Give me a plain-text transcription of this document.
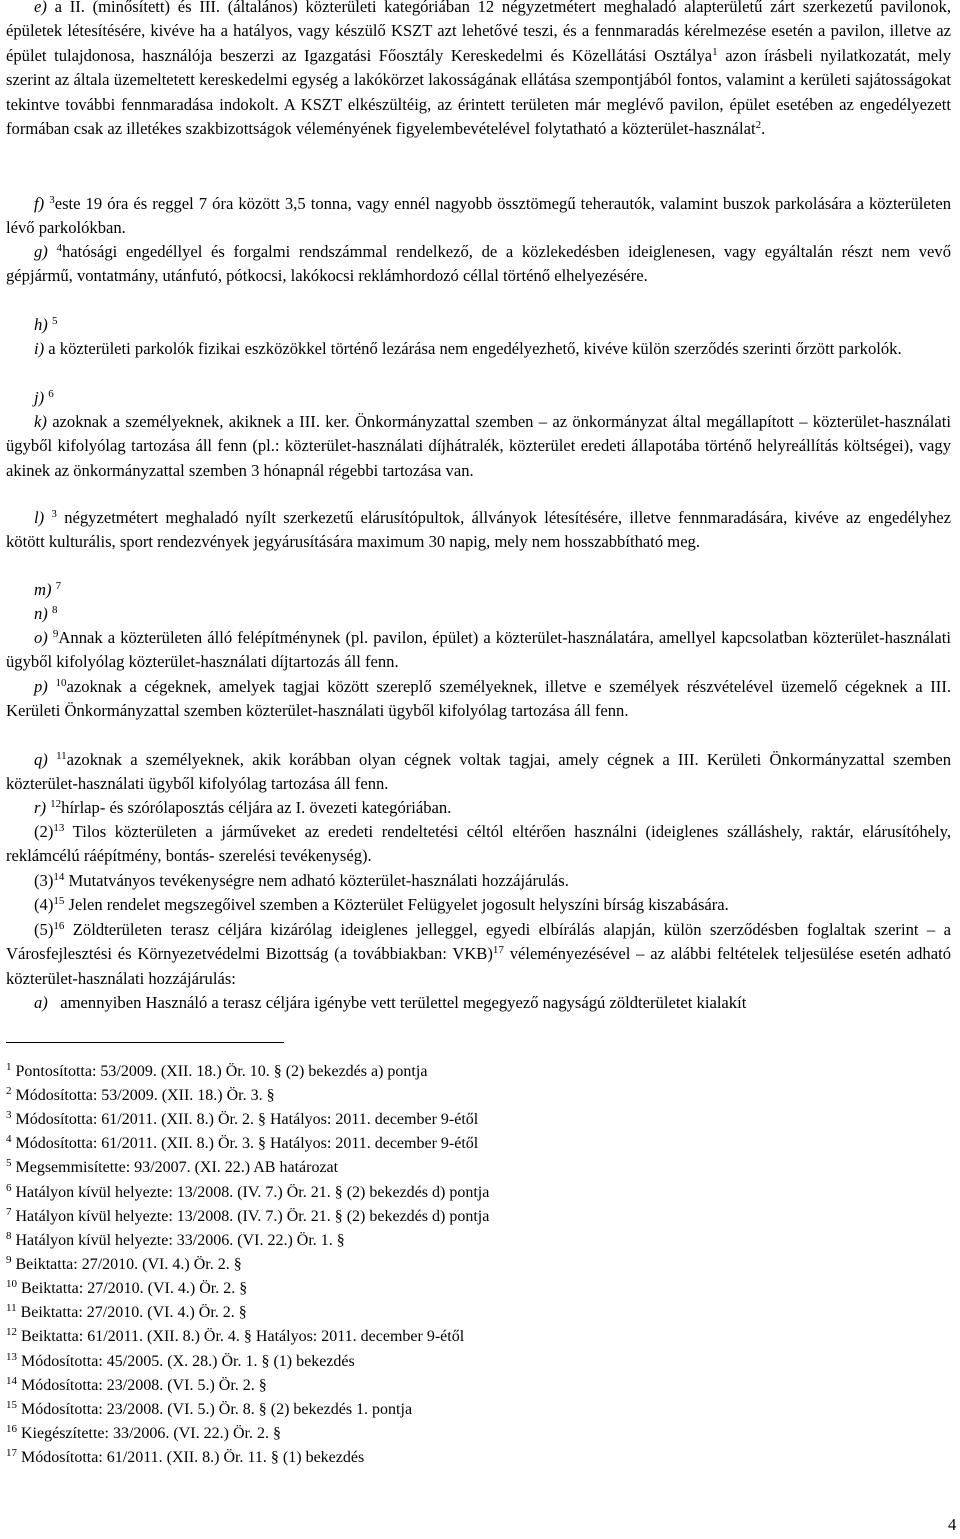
e) a II. (minősített) és III. (általános) közterületi kategóriában 12 négyzetmétert meghaladó alapterületű zárt szerkezetű pavilonok, épületek létesítésére, kivéve ha a hatályos, vagy készülő KSZT azt lehetővé teszi, és a fennmaradás kérelmezése esetén a pavilon, illetve az épület tulajdonosa, használója beszerzi az Igazgatási Főosztály Kereskedelmi és Közellátási Osztálya$^1$ azon írásbeli nyilatkozatát, mely szerint az általa üzemeltetett kereskedelmi egység a lakókörzet lakosságának ellátása szempontjából fontos, valamint a kerületi sajátosságokat tekintve további fennmaradása indokolt. A KSZT elkészültéig, az érintett területen már meglévő pavilon, épület esetében az engedélyezett formában csak az illetékes szakbizottságok véleményének figyelembevételével folytatható a közterület-használat$^2$.

f) $^3$este 19 óra és reggel 7 óra között 3,5 tonna, vagy ennél nagyobb össztömegű teherautók, valamint buszok parkolására a közterületen lévő parkolókban.

g) $^4$hatósági engedéllyel és forgalmi rendszámmal rendelkező, de a közlekedésben ideiglenesen, vagy egyáltalán részt nem vevő gépjármű, vontatmány, utánfutó, pótkocsi, lakókocsi reklámhordozó céllal történő elhelyezésére.

h) $^5$

i) a közterületi parkolók fizikai eszközökkel történő lezárása nem engedélyezhető, kivéve külön szerződés szerinti őrzött parkolók.

j) $^6$

k) azoknak a személyeknek, akiknek a III. ker. Önkormányzattal szemben – az önkormányzat által megállapított – közterület-használati ügyből kifolyólag tartozása áll fenn (pl.: közterület-használati díjhátralék, közterület eredeti állapotába történő helyreállítás költségei), vagy akinek az önkormányzattal szemben 3 hónapnál régebbi tartozása van.

l) $^3$ négyzetmétert meghaladó nyílt szerkezetű elárusítópultok, állványok létesítésére, illetve fennmaradására, kivéve az engedélyhez kötött kulturális, sport rendezvények jegyárusítására maximum 30 napig, mely nem hosszabbítható meg.

m) $^7$

n) $^8$

o) $^9$Annak a közterületen álló felépítménynek (pl. pavilon, épület) a közterület-használatára, amellyel kapcsolatban közterület-használati ügyből kifolyólag közterület-használati díjtartozás áll fenn.

p) $^{10}$azoknak a cégeknek, amelyek tagjai között szereplő személyeknek, illetve e személyek részvételével üzemelő cégeknek a III. Kerületi Önkormányzattal szemben közterület-használati ügyből kifolyólag tartozása áll fenn.

q) $^{11}$azoknak a személyeknek, akik korábban olyan cégnek voltak tagjai, amely cégnek a III. Kerületi Önkormányzattal szemben közterület-használati ügyből kifolyólag tartozása áll fenn.

r) $^{12}$hírlap- és szórólaposztás céljára az I. övezeti kategóriában.

$(2)^{13}$ Tilos közterületen a járműveket az eredeti rendeltetési céltól eltérően használni (ideiglenes szálláshely, raktár, elárusítóhely, reklámcélú ráépítmény, bontás- szerelési tevékenység).

$(3)^{14}$ Mutatványos tevékenységre nem adható közterület-használati hozzájárulás.

$(4)^{15}$ Jelen rendelet megszegőivel szemben a Közterület Felügyelet jogosult helyszíni bírság kiszabására.

$(5)^{16}$ Zöldterületen terasz céljára kizárólag ideiglenes jelleggel, egyedi elbírálás alapján, külön szerződésben foglaltak szerint – a Városfejlesztési és Környezetvédelmi Bizottság (a továbbiakban: VKB)$^{17}$ véleményezésével – az alábbi feltételek teljesülése esetén adható közterület-használati hozzájárulás:

a) amennyiben Használó a terasz céljára igénybe vett területtel megegyező nagyságú zöldterületet kialakít

$^1$ Pontosította: 53/2009. (XII. 18.) Ör. 10. § (2) bekezdés a) pontja

$^2$ Módosította: 53/2009. (XII. 18.) Ör. 3. §

$^3$ Módosította: 61/2011. (XII. 8.) Ör. 2. § Hatályos: 2011. december 9-étől

$^4$ Módosította: 61/2011. (XII. 8.) Ör. 3. § Hatályos: 2011. december 9-étől

$^5$ Megsemmisítette: 93/2007. (XI. 22.) AB határozat

$^6$ Hatályon kívül helyezte: 13/2008. (IV. 7.) Ör. 21. § (2) bekezdés d) pontja

$^7$ Hatályon kívül helyezte: 13/2008. (IV. 7.) Ör. 21. § (2) bekezdés d) pontja

$^8$ Hatályon kívül helyezte: 33/2006. (VI. 22.) Ör. 1. §

$^9$ Beiktatta: 27/2010. (VI. 4.) Ör. 2. §

$^{10}$ Beiktatta: 27/2010. (VI. 4.) Ör. 2. §

$^{11}$ Beiktatta: 27/2010. (VI. 4.) Ör. 2. §

$^{12}$ Beiktatta: 61/2011. (XII. 8.) Ör. 4. § Hatályos: 2011. december 9-étől

$^{13}$ Módosította: 45/2005. (X. 28.) Ör. 1. § (1) bekezdés

$^{14}$ Módosította: 23/2008. (VI. 5.) Ör. 2. §

$^{15}$ Módosította: 23/2008. (VI. 5.) Ör. 8. § (2) bekezdés 1. pontja

$^{16}$ Kiegészítette: 33/2006. (VI. 22.) Ör. 2. §

$^{17}$ Módosította: 61/2011. (XII. 8.) Ör. 11. § (1) bekezdés

4
